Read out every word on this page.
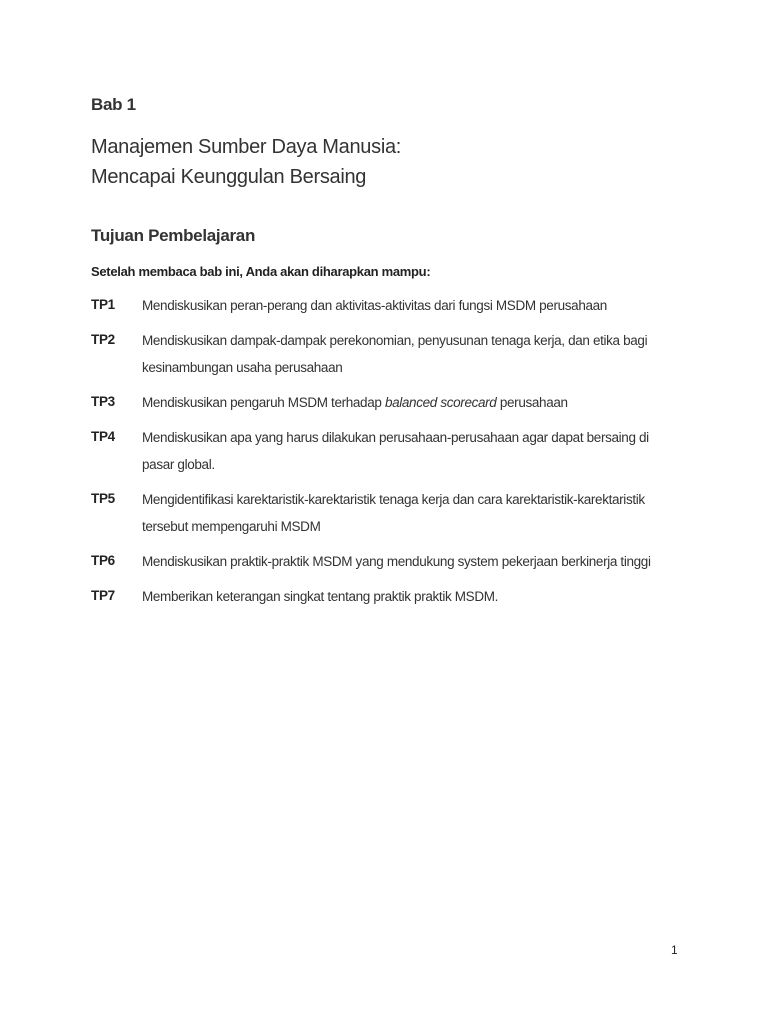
Bab 1
Manajemen Sumber Daya Manusia:
Mencapai Keunggulan Bersaing
Tujuan Pembelajaran
Setelah membaca bab ini, Anda akan diharapkan mampu:
TP1	Mendiskusikan peran-perang dan aktivitas-aktivitas dari fungsi MSDM perusahaan
TP2	Mendiskusikan dampak-dampak perekonomian, penyusunan tenaga kerja, dan etika bagi kesinambungan usaha perusahaan
TP3	Mendiskusikan pengaruh MSDM terhadap balanced scorecard perusahaan
TP4	Mendiskusikan apa yang harus dilakukan perusahaan-perusahaan agar dapat bersaing di pasar global.
TP5	Mengidentifikasi karektaristik-karektaristik tenaga kerja dan cara karektaristik-karektaristik tersebut mempengaruhi MSDM
TP6	Mendiskusikan praktik-praktik MSDM yang mendukung system pekerjaan berkinerja tinggi
TP7	Memberikan keterangan singkat tentang praktik praktik MSDM.
1
